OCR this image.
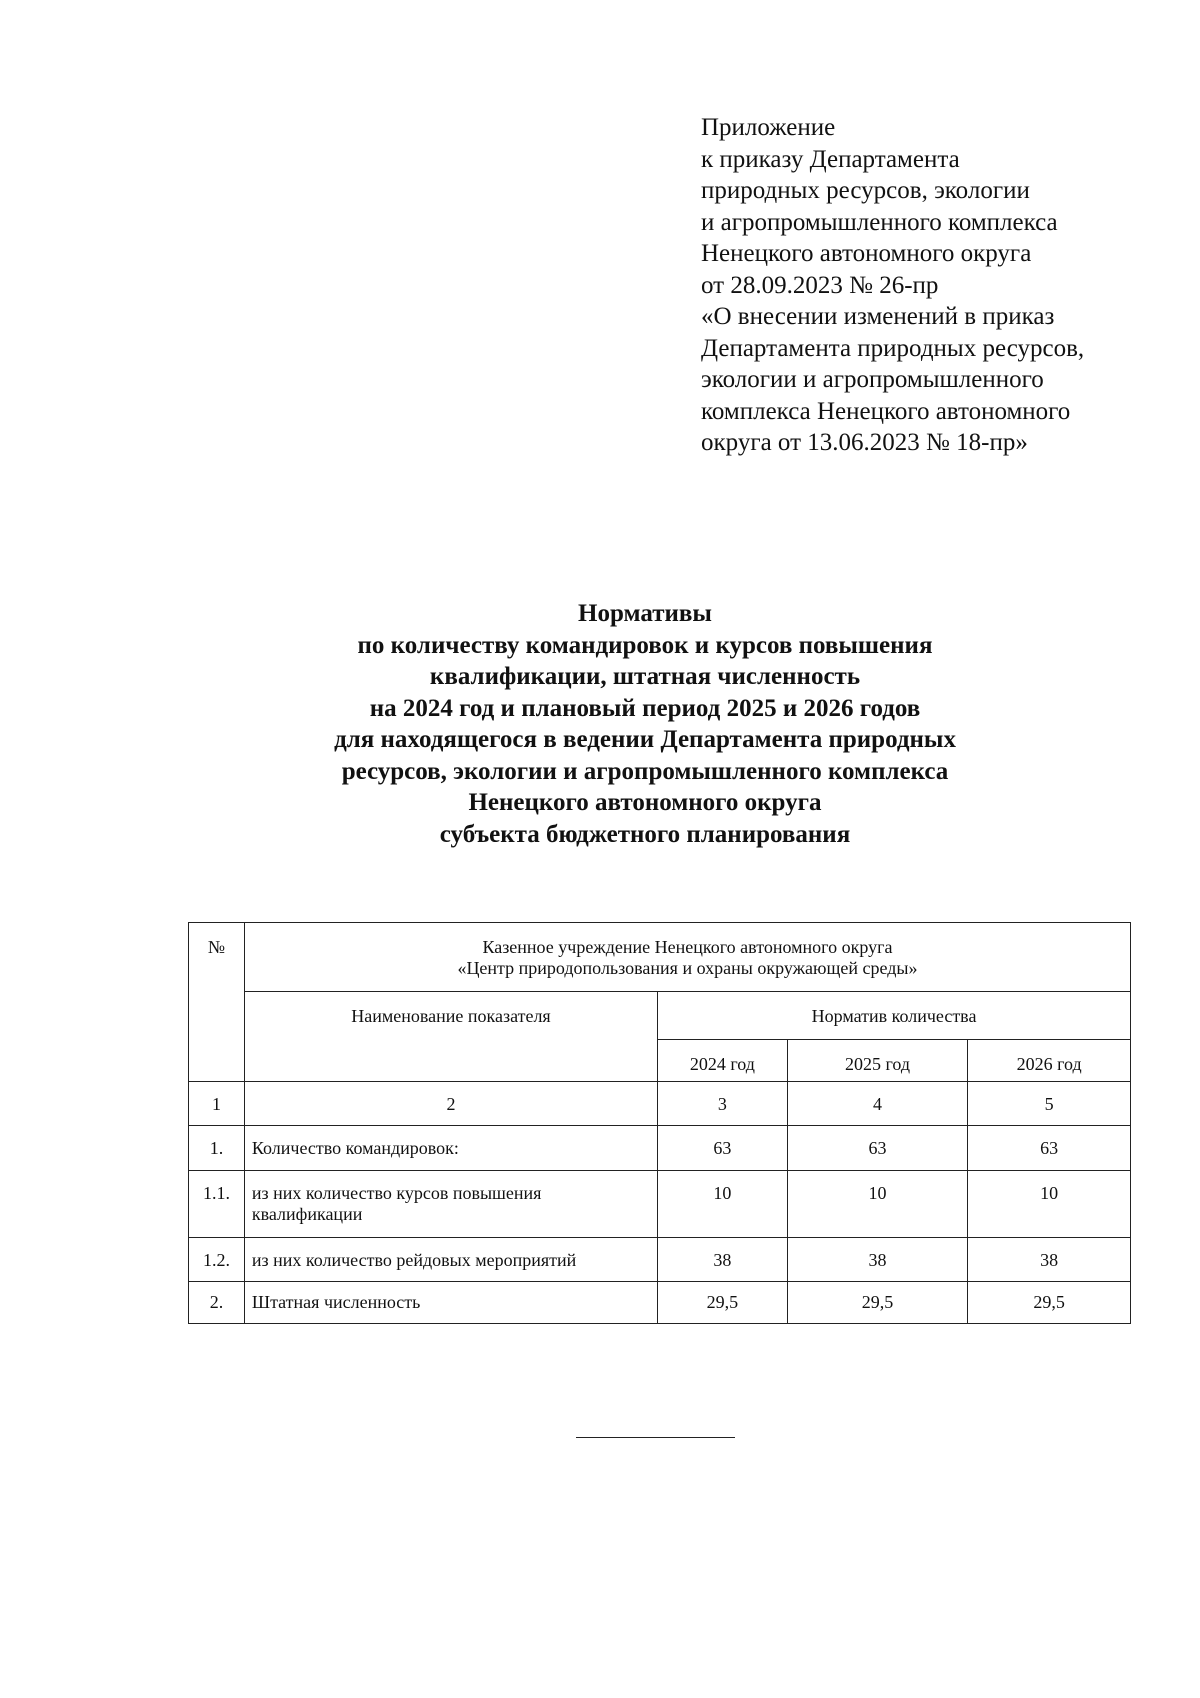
Приложение
к приказу Департамента
природных ресурсов, экологии
и агропромышленного комплекса
Ненецкого автономного округа
от 28.09.2023 № 26-пр
«О внесении изменений в приказ
Департамента природных ресурсов,
экологии и агропромышленного
комплекса Ненецкого автономного
округа от 13.06.2023 № 18-пр»
Нормативы
по количеству командировок и курсов повышения
квалификации, штатная численность
на 2024 год и плановый период 2025 и 2026 годов
для находящегося в ведении Департамента природных
ресурсов, экологии и агропромышленного комплекса
Ненецкого автономного округа
субъекта бюджетного планирования
№	Казенное учреждение Ненецкого автономного округа
«Центр природопользования и охраны окружающей среды»			

	Наименование показателя	Норматив количества		
		2024 год	2025 год	2026 год
1	2	3	4	5
1.	Количество командировок:	63	63	63
1.1.	из них количество курсов повышения квалификации	10	10	10
1.2.	из них количество рейдовых мероприятий	38	38	38
2.	Штатная численность	29,5	29,5	29,5
